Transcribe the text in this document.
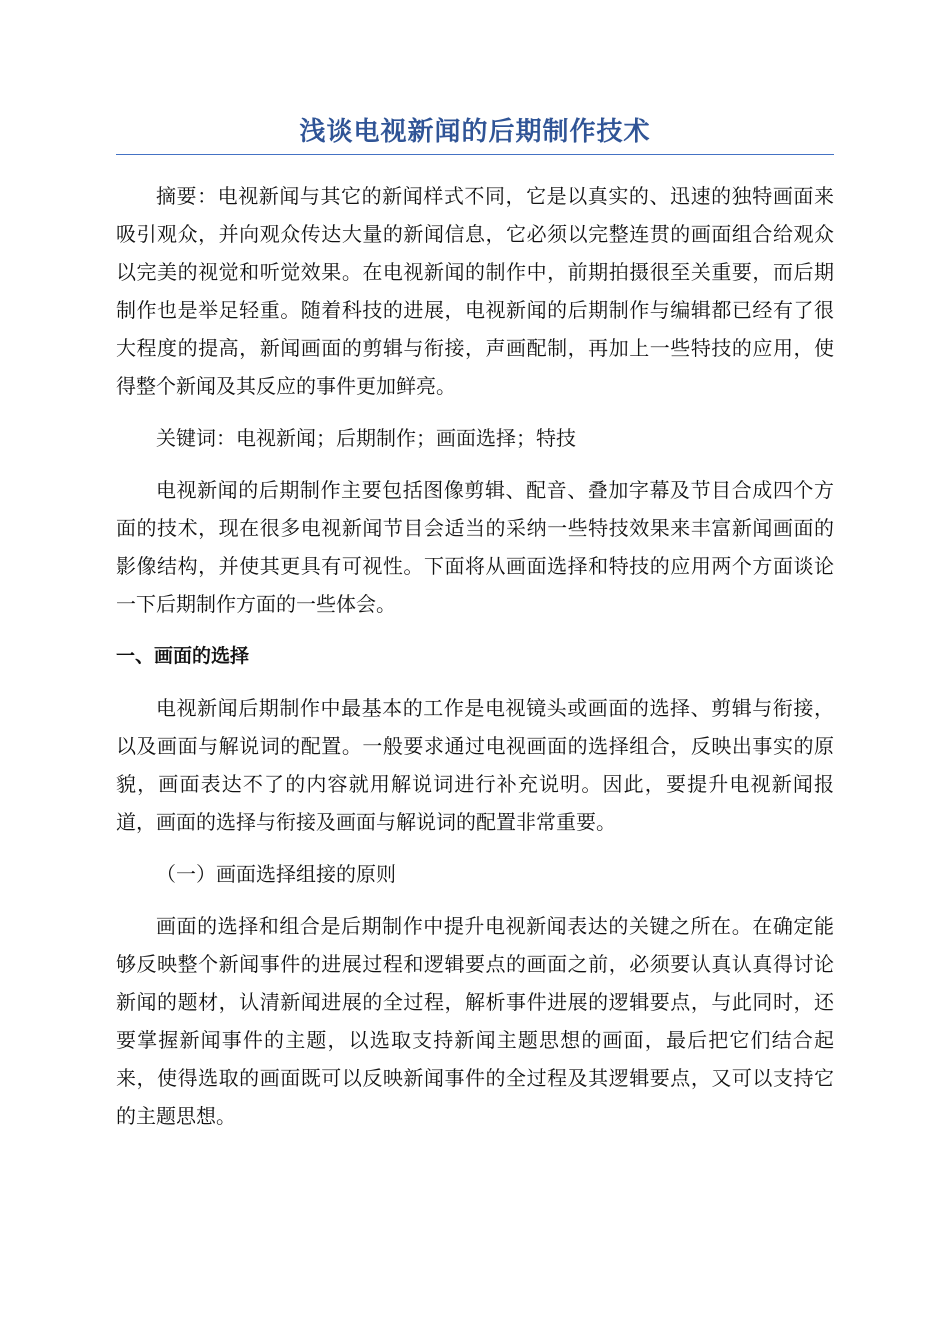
浅谈电视新闻的后期制作技术

摘要：电视新闻与其它的新闻样式不同，它是以真实的、迅速的独特画面来吸引观众，并向观众传达大量的新闻信息，它必须以完整连贯的画面组合给观众以完美的视觉和听觉效果。在电视新闻的制作中，前期拍摄很至关重要，而后期制作也是举足轻重。随着科技的进展，电视新闻的后期制作与编辑都已经有了很大程度的提高，新闻画面的剪辑与衔接，声画配制，再加上一些特技的应用，使得整个新闻及其反应的事件更加鲜亮。

关键词：电视新闻；后期制作；画面选择；特技

电视新闻的后期制作主要包括图像剪辑、配音、叠加字幕及节目合成四个方面的技术，现在很多电视新闻节目会适当的采纳一些特技效果来丰富新闻画面的影像结构，并使其更具有可视性。下面将从画面选择和特技的应用两个方面谈论一下后期制作方面的一些体会。

一、画面的选择

电视新闻后期制作中最基本的工作是电视镜头或画面的选择、剪辑与衔接，以及画面与解说词的配置。一般要求通过电视画面的选择组合，反映出事实的原貌，画面表达不了的内容就用解说词进行补充说明。因此，要提升电视新闻报道，画面的选择与衔接及画面与解说词的配置非常重要。

（一）画面选择组接的原则

画面的选择和组合是后期制作中提升电视新闻表达的关键之所在。在确定能够反映整个新闻事件的进展过程和逻辑要点的画面之前，必须要认真认真得讨论新闻的题材，认清新闻进展的全过程，解析事件进展的逻辑要点，与此同时，还要掌握新闻事件的主题，以选取支持新闻主题思想的画面，最后把它们结合起来，使得选取的画面既可以反映新闻事件的全过程及其逻辑要点，又可以支持它的主题思想。
